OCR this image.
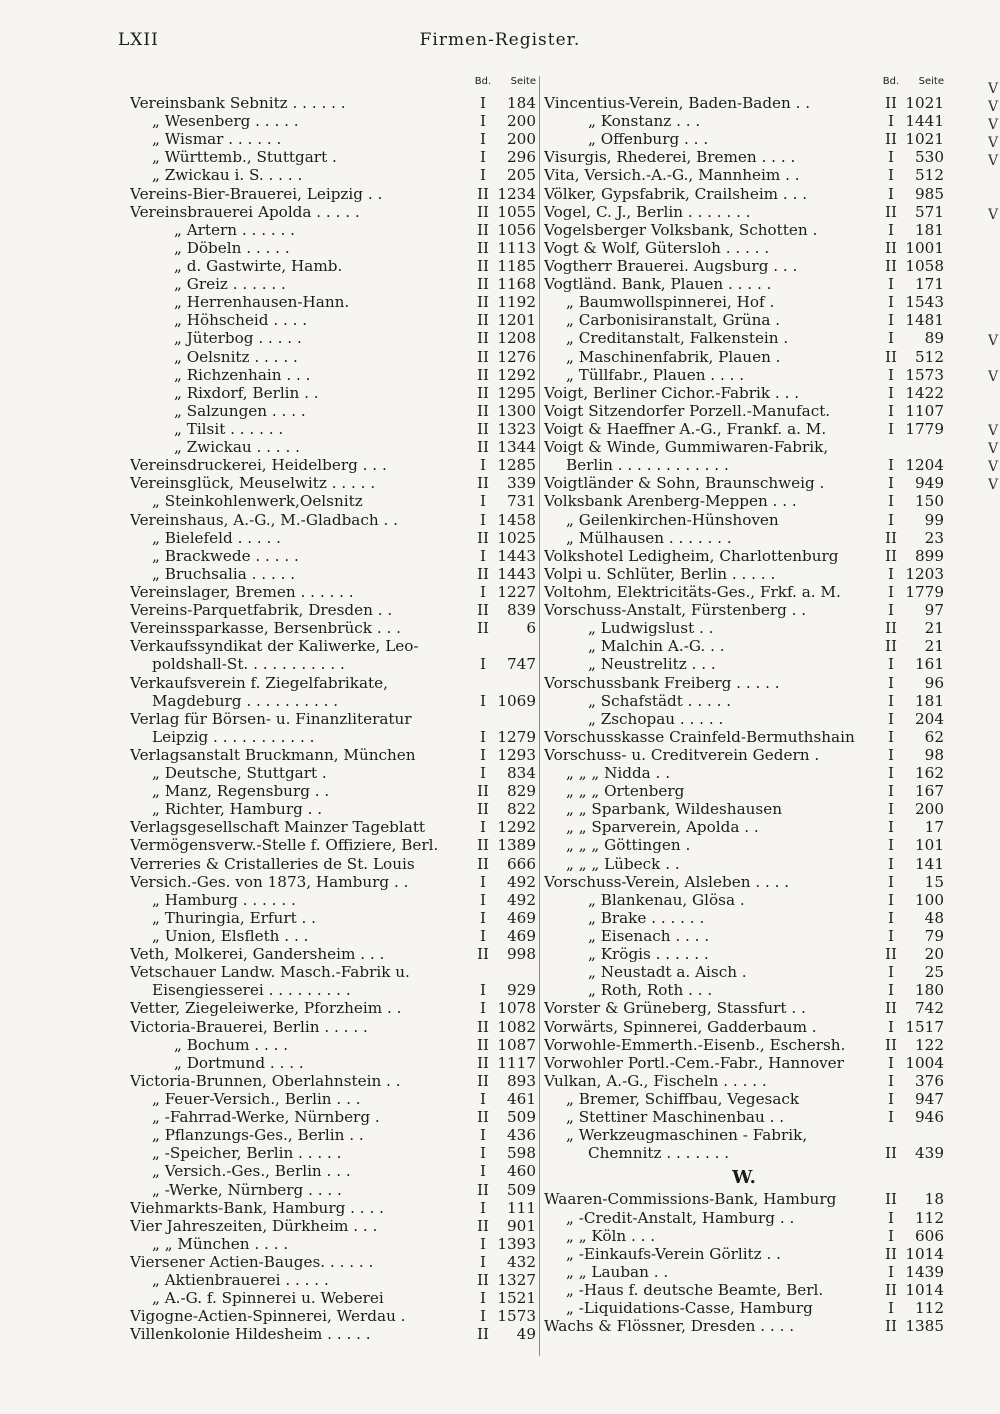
LXII	Firmen-Register.
Bd.	Seite
Vereinsbank Sebnitz . . . . . .	I	184
„ Wesenberg . . . . .	I	200
„ Wismar . . . . . .	I	200
„ Württemb., Stuttgart .	I	296
„ Zwickau i. S. . . . .	I	205
Vereins-Bier-Brauerei, Leipzig . .	II 1234
Vereinsbrauerei Apolda . . . . .	II 1055
„ Artern . . . . . .	II 1056
„ Döbeln . . . . .	II 1113
„ d. Gastwirte, Hamb.	II 1185
„ Greiz . . . . . .	II 1168
„ Herrenhausen-Hann.	II 1192
„ Höhscheid . . . .	II 1201
„ Jüterbog . . . . .	II 1208
„ Oelsnitz . . . . .	II 1276
„ Richzenhain . . .	II 1292
„ Rixdorf, Berlin . .	II 1295
„ Salzungen . . . .	II 1300
„ Tilsit . . . . . .	II 1323
„ Zwickau . . . . .	II 1344
Vereinsdruckerei, Heidelberg . . .	I 1285
Vereinsglück, Meuselwitz . . . . .	II	339
„ Steinkohlenwerk,Oelsnitz	I	731
Vereinshaus, A.-G., M.-Gladbach . .	I 1458
„ Bielefeld . . . . .	II 1025
„ Brackwede . . . . .	I 1443
„ Bruchsalia . . . . .	II 1443
Vereinslager, Bremen . . . . . .	I 1227
Vereins-Parquetfabrik, Dresden . .	II	839
Vereinssparkasse, Bersenbrück . . .	II	6
Verkaufssyndikat der Kaliwerke, Leo-
poldshall-St. . . . . . . . . . .	I	747
Verkaufsverein f. Ziegelfabrikate,
Magdeburg . . . . . . . . . .	I 1069
Verlag für Börsen- u. Finanzliteratur
Leipzig . . . . . . . . . . .	I 1279
Verlagsanstalt Bruckmann, München	I 1293
„ Deutsche, Stuttgart .	I	834
„ Manz, Regensburg . .	II	829
„ Richter, Hamburg . .	II	822
Verlagsgesellschaft Mainzer Tageblatt	I 1292
Vermögensverw.-Stelle f. Offiziere, Berl.	II 1389
Verreries & Cristalleries de St. Louis	II	666
Versich.-Ges. von 1873, Hamburg . .	I	492
„ Hamburg . . . . . .	I	492
„ Thuringia, Erfurt . .	I	469
„ Union, Elsfleth . . .	I	469
Veth, Molkerei, Gandersheim . . .	II	998
Vetschauer Landw. Masch.-Fabrik u.
Eisengiesserei . . . . . . . . .	I	929
Vetter, Ziegeleiwerke, Pforzheim . .	I 1078
Victoria-Brauerei, Berlin . . . . .	II 1082
„ Bochum . . . .	II 1087
„ Dortmund . . . .	II 1117
Victoria-Brunnen, Oberlahnstein . .	II	893
„ Feuer-Versich., Berlin . . .	I	461
„ -Fahrrad-Werke, Nürnberg .	II	509
„ Pflanzungs-Ges., Berlin . .	I	436
„ -Speicher, Berlin . . . . .	I	598
„ Versich.-Ges., Berlin . . .	I	460
„ -Werke, Nürnberg . . . .	II	509
Viehmarkts-Bank, Hamburg . . . .	I	111
Vier Jahreszeiten, Dürkheim . . .	II	901
„ „ München . . . .	I 1393
Viersener Actien-Bauges. . . . . .	I	432
„ Aktienbrauerei . . . . .	II 1327
„ A.-G. f. Spinnerei u. Weberei	I 1521
Vigogne-Actien-Spinnerei, Werdau .	I 1573
Villenkolonie Hildesheim . . . . .	II	49
Bd.	Seite
Vincentius-Verein, Baden-Baden . .	II 1021
„ Konstanz . . .	I 1441
„ Offenburg . . .	II 1021
Visurgis, Rhederei, Bremen . . . .	I	530
Vita, Versich.-A.-G., Mannheim . .	I	512
Völker, Gypsfabrik, Crailsheim . . .	I	985
Vogel, C. J., Berlin . . . . . . .	II	571
Vogelsberger Volksbank, Schotten .	I	181
Vogt & Wolf, Gütersloh . . . . .	II 1001
Vogtherr Brauerei. Augsburg . . .	II 1058
Vogtländ. Bank, Plauen . . . . .	I	171
„ Baumwollspinnerei, Hof .	I 1543
„ Carbonisiranstalt, Grüna .	I 1481
„ Creditanstalt, Falkenstein .	I	89
„ Maschinenfabrik, Plauen .	II	512
„ Tüllfabr., Plauen . . . .	I 1573
Voigt, Berliner Cichor.-Fabrik . . .	I 1422
Voigt Sitzendorfer Porzell.-Manufact.	I 1107
Voigt & Haeffner A.-G., Frankf. a. M.	I 1779
Voigt & Winde, Gummiwaren-Fabrik,
Berlin . . . . . . . . . . . .	I 1204
Voigtländer & Sohn, Braunschweig .	I	949
Volksbank Arenberg-Meppen . . .	I	150
„ Geilenkirchen-Hünshoven	I	99
„ Mülhausen . . . . . . .	II	23
Volkshotel Ledigheim, Charlottenburg	II	899
Volpi u. Schlüter, Berlin . . . . .	I 1203
Voltohm, Elektricitäts-Ges., Frkf. a. M.	I 1779
Vorschuss-Anstalt, Fürstenberg . .	I	97
„ Ludwigslust . .	II	21
„ Malchin A.-G. . .	II	21
„ Neustrelitz . . .	I	161
Vorschussbank Freiberg . . . . .	I	96
„ Schafstädt . . . . .	I	181
„ Zschopau . . . . .	I	204
Vorschusskasse Crainfeld-Bermuthshain	I	62
Vorschuss- u. Creditverein Gedern .	I	98
„ „ „ Nidda . .	I	162
„ „ „ Ortenberg	I	167
„ „ Sparbank, Wildeshausen	I	200
„ „ Sparverein, Apolda . .	I	17
„ „ „ Göttingen .	I	101
„ „ „ Lübeck . .	I	141
Vorschuss-Verein, Alsleben . . . .	I	15
„ Blankenau, Glösa .	I	100
„ Brake . . . . . .	I	48
„ Eisenach . . . .	I	79
„ Krögis . . . . . .	II	20
„ Neustadt a. Aisch .	I	25
„ Roth, Roth . . .	I	180
Vorster & Grüneberg, Stassfurt . .	II	742
Vorwärts, Spinnerei, Gadderbaum .	I 1517
Vorwohle-Emmerth.-Eisenb., Eschersh.	II	122
Vorwohler Portl.-Cem.-Fabr., Hannover	I 1004
Vulkan, A.-G., Fischeln . . . . .	I	376
„ Bremer, Schiffbau, Vegesack	I	947
„ Stettiner Maschinenbau . .	I	946
„ Werkzeugmaschinen - Fabrik,
Chemnitz . . . . . . .	II	439
W.
Waaren-Commissions-Bank, Hamburg	II	18
„ -Credit-Anstalt, Hamburg . .	I	112
„ „ Köln . . .	I	606
„ -Einkaufs-Verein Görlitz . .	II 1014
„ „ Lauban . .	I 1439
„ -Haus f. deutsche Beamte, Berl.	II 1014
„ -Liquidations-Casse, Hamburg	I	112
Wachs & Flössner, Dresden . . . .	II 1385
V
V
V
V
V

V

V

V

V
V
V
V
